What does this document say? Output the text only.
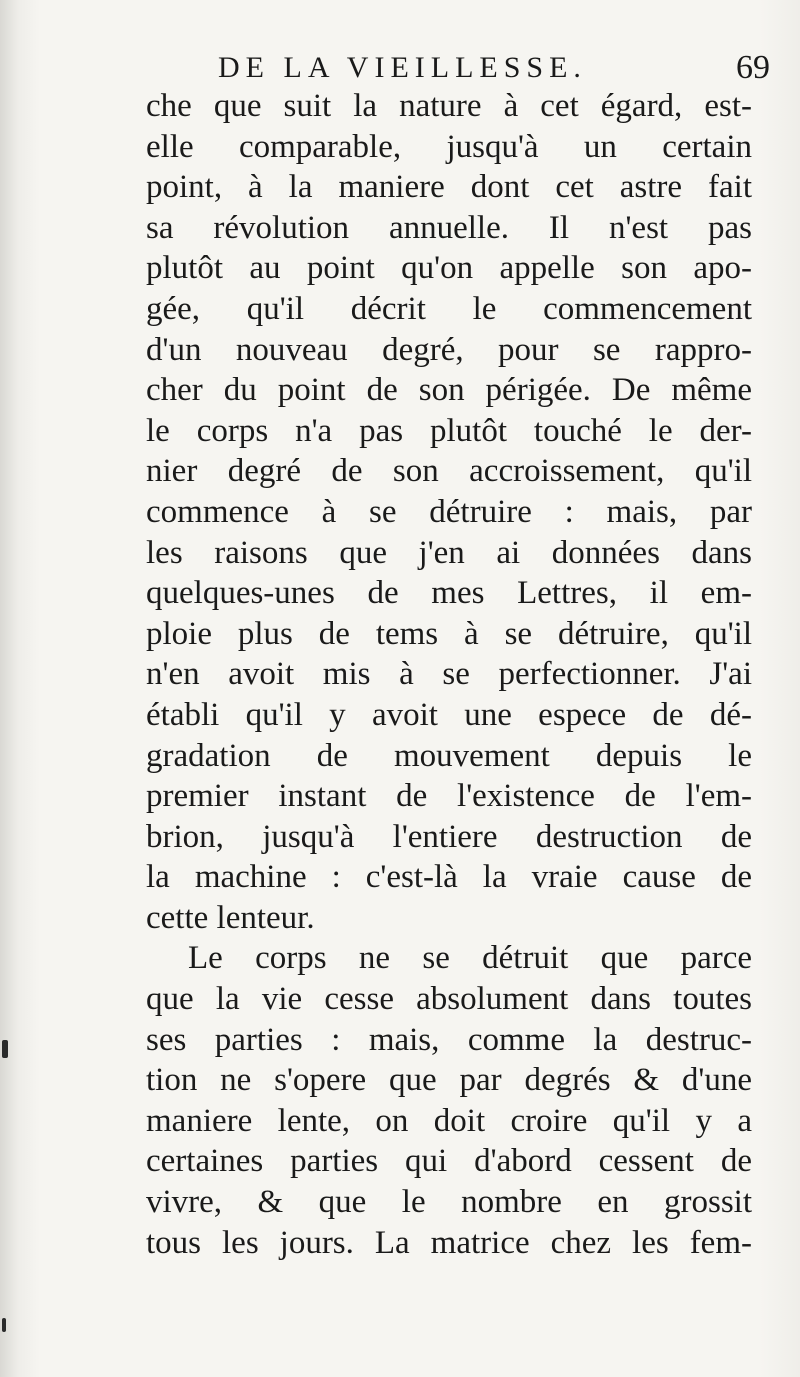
DE LA VIEILLESSE.	69
che que suit la nature à cet égard, est-
elle comparable, jusqu'à un certain
point, à la maniere dont cet astre fait
sa révolution annuelle. Il n'est pas
plutôt au point qu'on appelle son apo-
gée, qu'il décrit le commencement
d'un nouveau degré, pour se rappro-
cher du point de son périgée. De même
le corps n'a pas plutôt touché le der-
nier degré de son accroissement, qu'il
commence à se détruire : mais, par
les raisons que j'en ai données dans
quelques-unes de mes Lettres, il em-
ploie plus de tems à se détruire, qu'il
n'en avoit mis à se perfectionner. J'ai
établi qu'il y avoit une espece de dé-
gradation de mouvement depuis le
premier instant de l'existence de l'em-
brion, jusqu'à l'entiere destruction de
la machine : c'est-là la vraie cause de
cette lenteur.
Le corps ne se détruit que parce
que la vie cesse absolument dans toutes
ses parties : mais, comme la destruc-
tion ne s'opere que par degrés & d'une
maniere lente, on doit croire qu'il y a
certaines parties qui d'abord cessent de
vivre, & que le nombre en grossit
tous les jours. La matrice chez les fem-
